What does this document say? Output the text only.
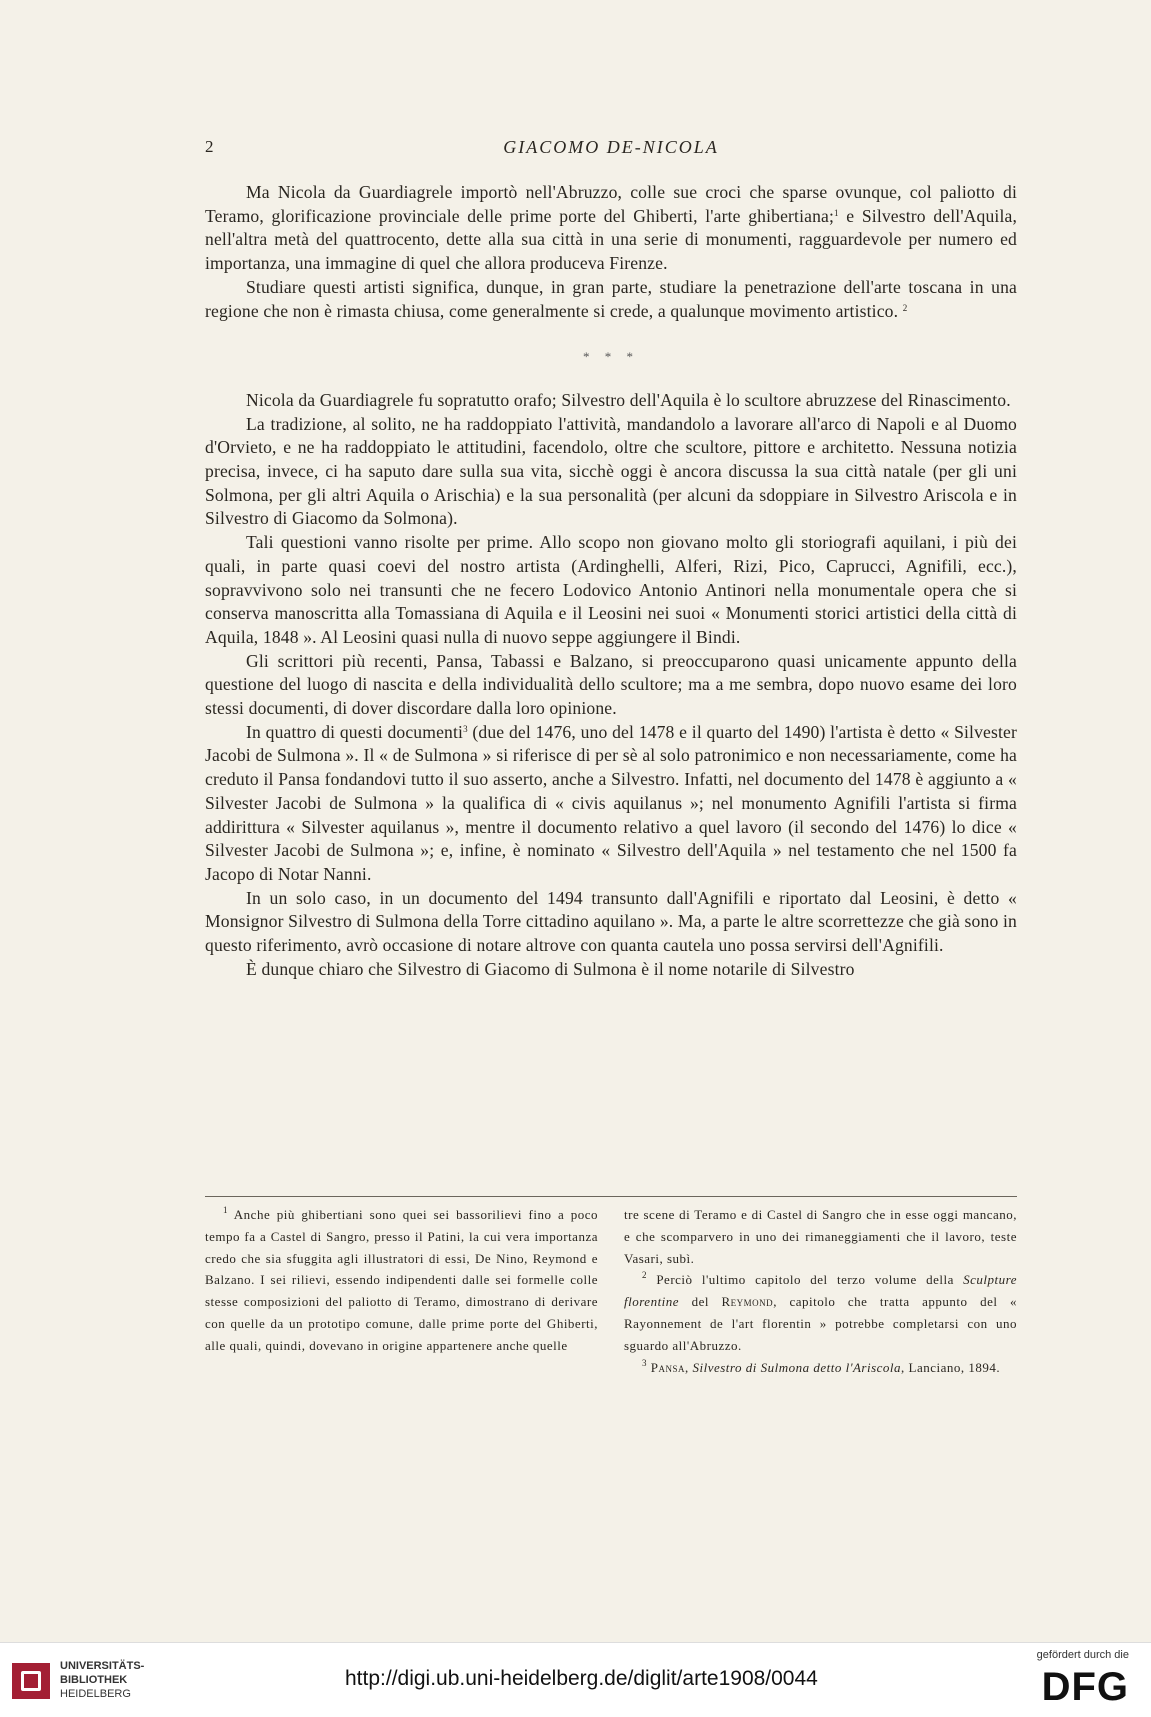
2	GIACOMO DE-NICOLA

Ma Nicola da Guardiagrele importò nell'Abruzzo, colle sue croci che sparse ovunque, col paliotto di Teramo, glorificazione provinciale delle prime porte del Ghiberti, l'arte ghibertiana;$^1$ e Silvestro dell'Aquila, nell'altra metà del quattrocento, dette alla sua città in una serie di monumenti, ragguardevole per numero ed importanza, una immagine di quel che allora produceva Firenze.

Studiare questi artisti significa, dunque, in gran parte, studiare la penetrazione dell'arte toscana in una regione che non è rimasta chiusa, come generalmente si crede, a qualunque movimento artistico. $^2$

* * *

Nicola da Guardiagrele fu sopratutto orafo; Silvestro dell'Aquila è lo scultore abruzzese del Rinascimento.

La tradizione, al solito, ne ha raddoppiato l'attività, mandandolo a lavorare all'arco di Napoli e al Duomo d'Orvieto, e ne ha raddoppiato le attitudini, facendolo, oltre che scultore, pittore e architetto. Nessuna notizia precisa, invece, ci ha saputo dare sulla sua vita, sicchè oggi è ancora discussa la sua città natale (per gli uni Solmona, per gli altri Aquila o Arischia) e la sua personalità (per alcuni da sdoppiare in Silvestro Ariscola e in Silvestro di Giacomo da Solmona).

Tali questioni vanno risolte per prime. Allo scopo non giovano molto gli storiografi aquilani, i più dei quali, in parte quasi coevi del nostro artista (Ardinghelli, Alferi, Rizi, Pico, Caprucci, Agnifili, ecc.), sopravvivono solo nei transunti che ne fecero Lodovico Antonio Antinori nella monumentale opera che si conserva manoscritta alla Tomassiana di Aquila e il Leosini nei suoi « Monumenti storici artistici della città di Aquila, 1848 ». Al Leosini quasi nulla di nuovo seppe aggiungere il Bindi.

Gli scrittori più recenti, Pansa, Tabassi e Balzano, si preoccuparono quasi unicamente appunto della questione del luogo di nascita e della individualità dello scultore; ma a me sembra, dopo nuovo esame dei loro stessi documenti, di dover discordare dalla loro opinione.

In quattro di questi documenti$^3$ (due del 1476, uno del 1478 e il quarto del 1490) l'artista è detto « Silvester Jacobi de Sulmona ». Il « de Sulmona » si riferisce di per sè al solo patronimico e non necessariamente, come ha creduto il Pansa fondandovi tutto il suo asserto, anche a Silvestro. Infatti, nel documento del 1478 è aggiunto a « Silvester Jacobi de Sulmona » la qualifica di « civis aquilanus »; nel monumento Agnifili l'artista si firma addirittura « Silvester aquilanus », mentre il documento relativo a quel lavoro (il secondo del 1476) lo dice « Silvester Jacobi de Sulmona »; e, infine, è nominato « Silvestro dell'Aquila » nel testamento che nel 1500 fa Jacopo di Notar Nanni.

In un solo caso, in un documento del 1494 transunto dall'Agnifili e riportato dal Leosini, è detto « Monsignor Silvestro di Sulmona della Torre cittadino aquilano ». Ma, a parte le altre scorrettezze che già sono in questo riferimento, avrò occasione di notare altrove con quanta cautela uno possa servirsi dell'Agnifili.

È dunque chiaro che Silvestro di Giacomo di Sulmona è il nome notarile di Silvestro

$^1$ Anche più ghibertiani sono quei sei bassorilievi fino a poco tempo fa a Castel di Sangro, presso il Patini, la cui vera importanza credo che sia sfuggita agli illustratori di essi, De Nino, Reymond e Balzano. I sei rilievi, essendo indipendenti dalle sei formelle colle stesse composizioni del paliotto di Teramo, dimostrano di derivare con quelle da un prototipo comune, dalle prime porte del Ghiberti, alle quali, quindi, dovevano in origine appartenere anche quelle

tre scene di Teramo e di Castel di Sangro che in esse oggi mancano, e che scomparvero in uno dei rimaneggiamenti che il lavoro, teste Vasari, subì.

$^2$ Perciò l'ultimo capitolo del terzo volume della Sculpture florentine del Reymond, capitolo che tratta appunto del « Rayonnement de l'art florentin » potrebbe completarsi con uno sguardo all'Abruzzo.

$^3$ Pansa, Silvestro di Sulmona detto l'Ariscola, Lanciano, 1894.

UNIVERSITÄTS-
BIBLIOTHEK
HEIDELBERG
http://digi.ub.uni-heidelberg.de/diglit/arte1908/0044
gefördert durch die
DFG
